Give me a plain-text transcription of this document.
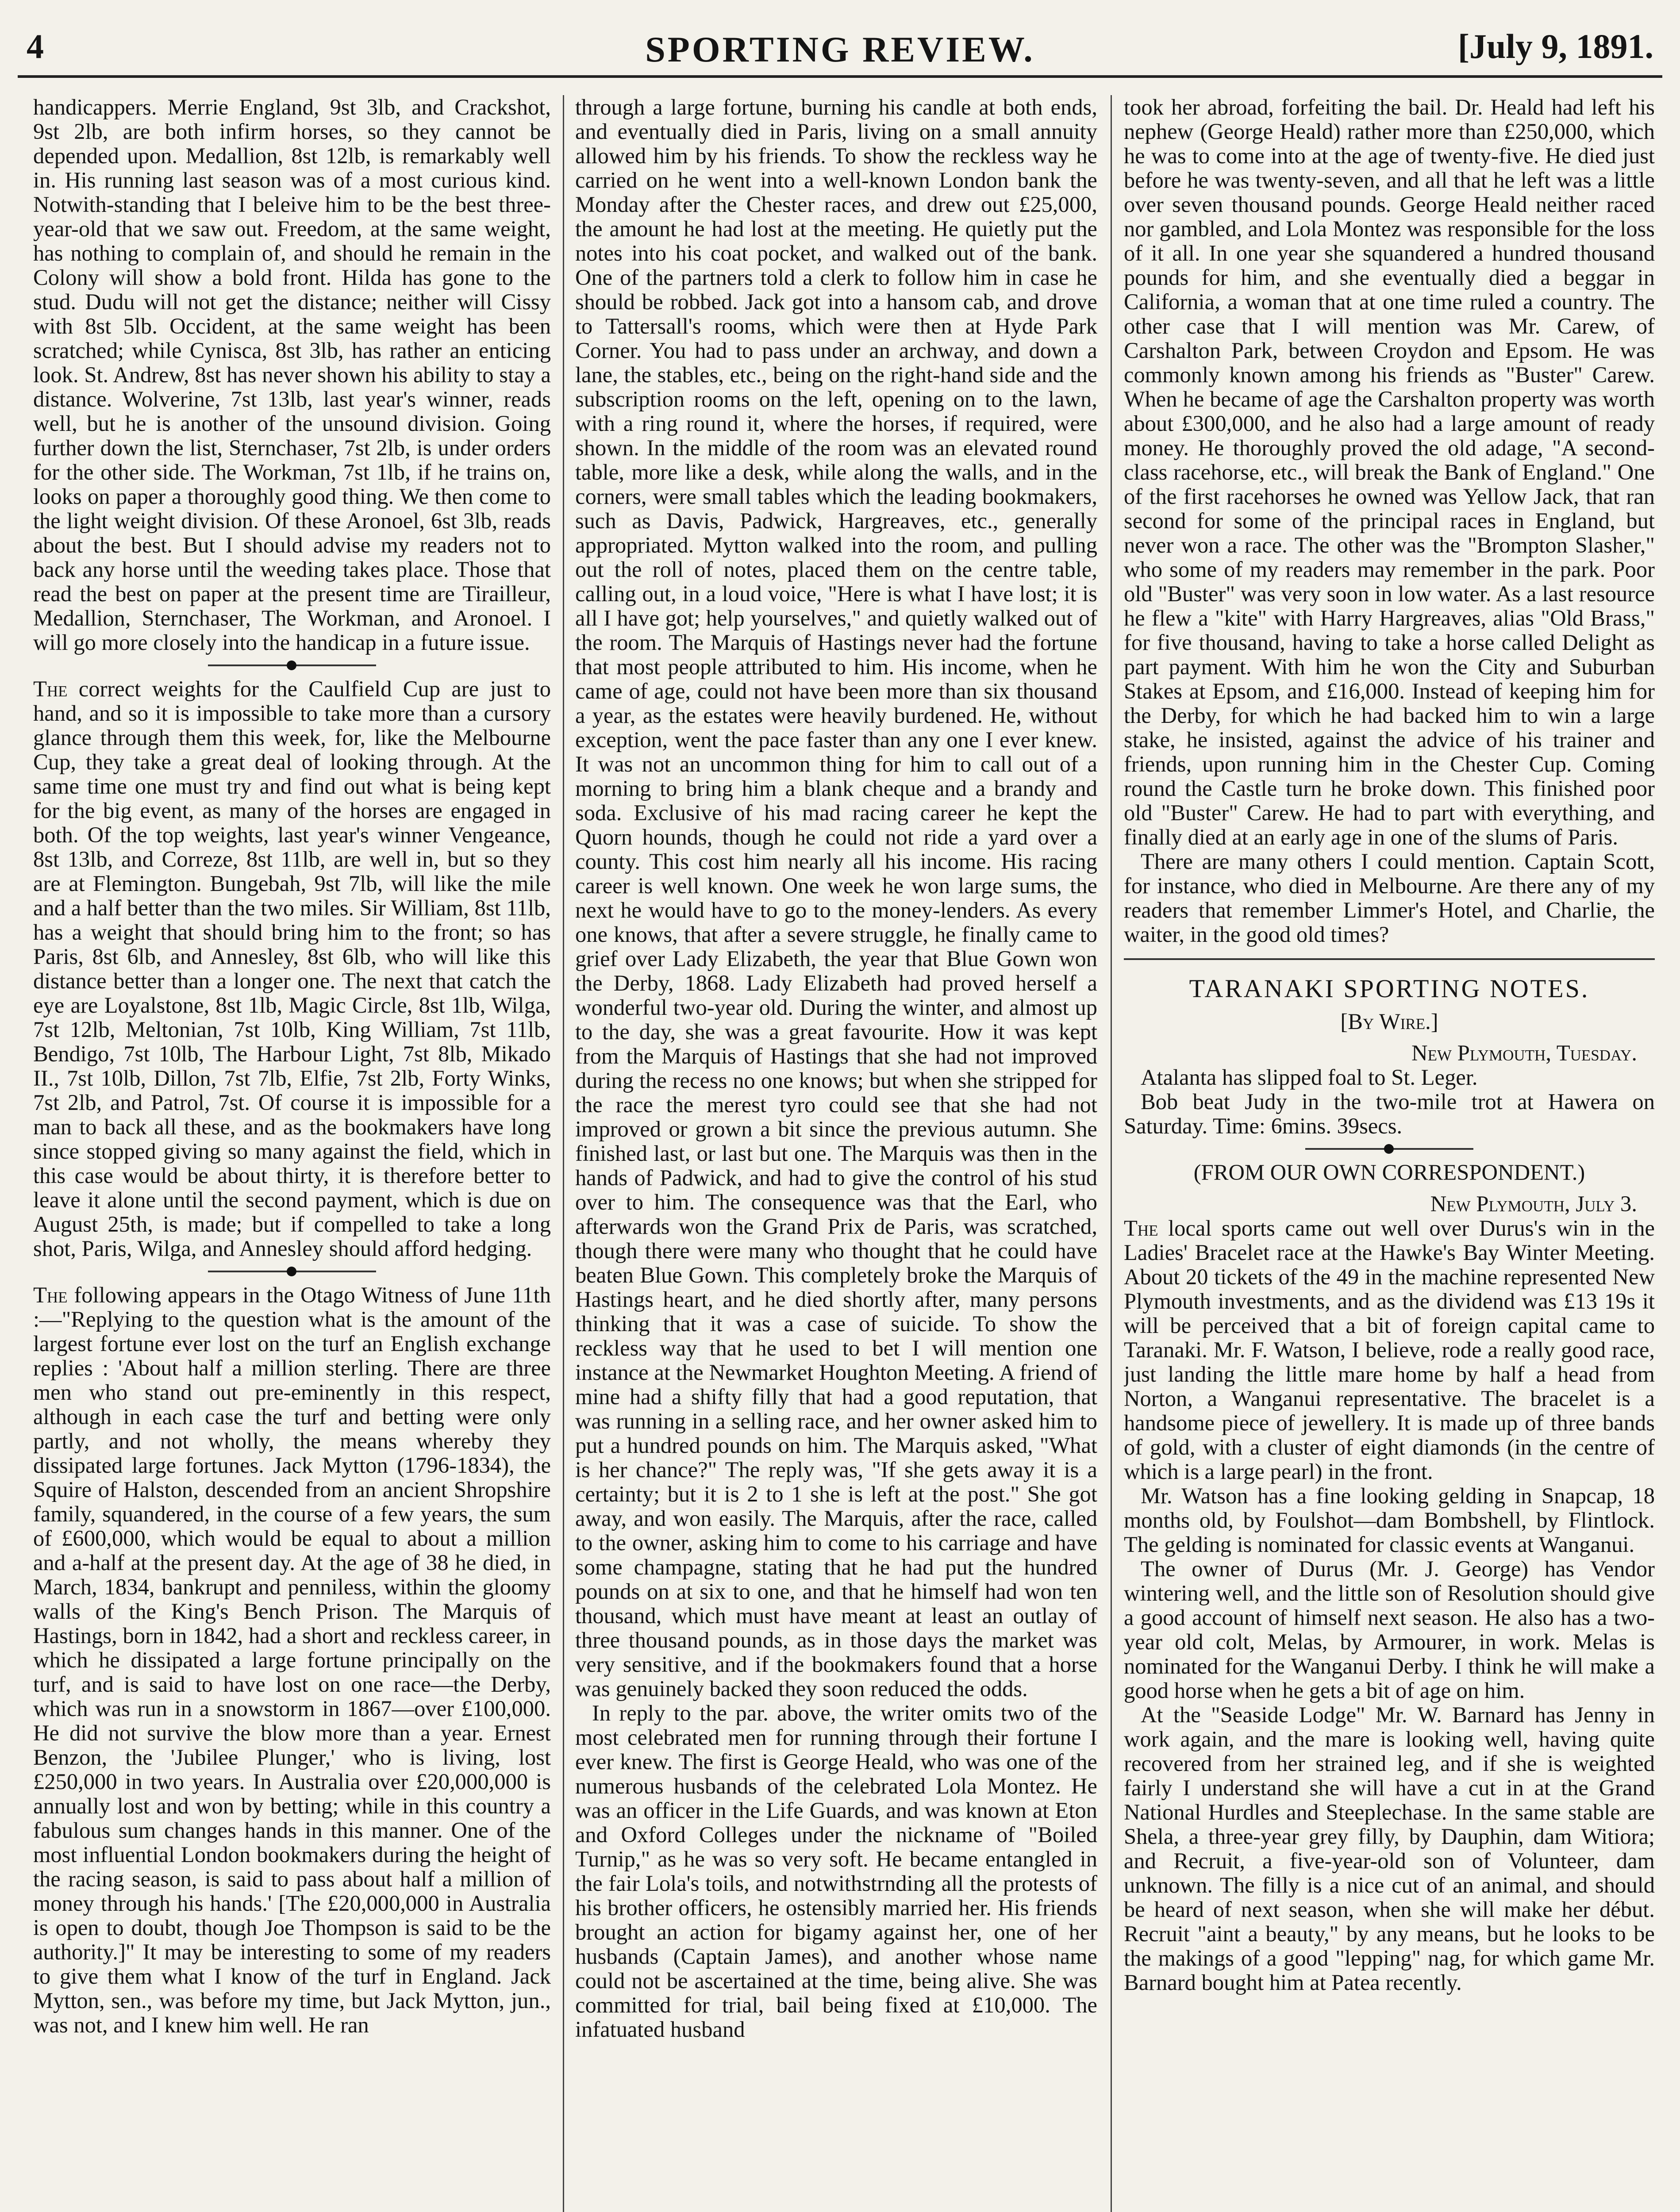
4	SPORTING REVIEW.	[July 9, 1891.

handicappers. Merrie England, 9st 3lb, and Crackshot, 9st 2lb, are both infirm horses, so they cannot be depended upon. Medallion, 8st 12lb, is remarkably well in. His running last season was of a most curious kind. Notwith-standing that I beleive him to be the best three-year-old that we saw out. Freedom, at the same weight, has nothing to complain of, and should he remain in the Colony will show a bold front. Hilda has gone to the stud. Dudu will not get the distance; neither will Cissy with 8st 5lb. Occident, at the same weight has been scratched; while Cynisca, 8st 3lb, has rather an enticing look. St. Andrew, 8st has never shown his ability to stay a distance. Wolverine, 7st 13lb, last year's winner, reads well, but he is another of the unsound division. Going further down the list, Sternchaser, 7st 2lb, is under orders for the other side. The Workman, 7st 1lb, if he trains on, looks on paper a thoroughly good thing. We then come to the light weight division. Of these Aronoel, 6st 3lb, reads about the best. But I should advise my readers not to back any horse until the weeding takes place. Those that read the best on paper at the present time are Tirailleur, Medallion, Sternchaser, The Workman, and Aronoel. I will go more closely into the handicap in a future issue.

The correct weights for the Caulfield Cup are just to hand, and so it is impossible to take more than a cursory glance through them this week, for, like the Melbourne Cup, they take a great deal of looking through. At the same time one must try and find out what is being kept for the big event, as many of the horses are engaged in both. Of the top weights, last year's winner Vengeance, 8st 13lb, and Correze, 8st 11lb, are well in, but so they are at Flemington. Bungebah, 9st 7lb, will like the mile and a half better than the two miles. Sir William, 8st 11lb, has a weight that should bring him to the front; so has Paris, 8st 6lb, and Annesley, 8st 6lb, who will like this distance better than a longer one. The next that catch the eye are Loyalstone, 8st 1lb, Magic Circle, 8st 1lb, Wilga, 7st 12lb, Meltonian, 7st 10lb, King William, 7st 11lb, Bendigo, 7st 10lb, The Harbour Light, 7st 8lb, Mikado II., 7st 10lb, Dillon, 7st 7lb, Elfie, 7st 2lb, Forty Winks, 7st 2lb, and Patrol, 7st. Of course it is impossible for a man to back all these, and as the bookmakers have long since stopped giving so many against the field, which in this case would be about thirty, it is therefore better to leave it alone until the second payment, which is due on August 25th, is made; but if compelled to take a long shot, Paris, Wilga, and Annesley should afford hedging.

The following appears in the Otago Witness of June 11th :—"Replying to the question what is the amount of the largest fortune ever lost on the turf an English exchange replies : 'About half a million sterling. There are three men who stand out pre-eminently in this respect, although in each case the turf and betting were only partly, and not wholly, the means whereby they dissipated large fortunes. Jack Mytton (1796-1834), the Squire of Halston, descended from an ancient Shropshire family, squandered, in the course of a few years, the sum of £600,000, which would be equal to about a million and a-half at the present day. At the age of 38 he died, in March, 1834, bankrupt and penniless, within the gloomy walls of the King's Bench Prison. The Marquis of Hastings, born in 1842, had a short and reckless career, in which he dissipated a large fortune principally on the turf, and is said to have lost on one race—the Derby, which was run in a snowstorm in 1867—over £100,000. He did not survive the blow more than a year. Ernest Benzon, the 'Jubilee Plunger,' who is living, lost £250,000 in two years. In Australia over £20,000,000 is annually lost and won by betting; while in this country a fabulous sum changes hands in this manner. One of the most influential London bookmakers during the height of the racing season, is said to pass about half a million of money through his hands.' [The £20,000,000 in Australia is open to doubt, though Joe Thompson is said to be the authority.]" It may be interesting to some of my readers to give them what I know of the turf in England. Jack Mytton, sen., was before my time, but Jack Mytton, jun., was not, and I knew him well. He ran

through a large fortune, burning his candle at both ends, and eventually died in Paris, living on a small annuity allowed him by his friends. To show the reckless way he carried on he went into a well-known London bank the Monday after the Chester races, and drew out £25,000, the amount he had lost at the meeting. He quietly put the notes into his coat pocket, and walked out of the bank. One of the partners told a clerk to follow him in case he should be robbed. Jack got into a hansom cab, and drove to Tattersall's rooms, which were then at Hyde Park Corner. You had to pass under an archway, and down a lane, the stables, etc., being on the right-hand side and the subscription rooms on the left, opening on to the lawn, with a ring round it, where the horses, if required, were shown. In the middle of the room was an elevated round table, more like a desk, while along the walls, and in the corners, were small tables which the leading bookmakers, such as Davis, Padwick, Hargreaves, etc., generally appropriated. Mytton walked into the room, and pulling out the roll of notes, placed them on the centre table, calling out, in a loud voice, "Here is what I have lost; it is all I have got; help yourselves," and quietly walked out of the room. The Marquis of Hastings never had the fortune that most people attributed to him. His income, when he came of age, could not have been more than six thousand a year, as the estates were heavily burdened. He, without exception, went the pace faster than any one I ever knew. It was not an uncommon thing for him to call out of a morning to bring him a blank cheque and a brandy and soda. Exclusive of his mad racing career he kept the Quorn hounds, though he could not ride a yard over a county. This cost him nearly all his income. His racing career is well known. One week he won large sums, the next he would have to go to the money-lenders. As every one knows, that after a severe struggle, he finally came to grief over Lady Elizabeth, the year that Blue Gown won the Derby, 1868. Lady Elizabeth had proved herself a wonderful two-year old. During the winter, and almost up to the day, she was a great favourite. How it was kept from the Marquis of Hastings that she had not improved during the recess no one knows; but when she stripped for the race the merest tyro could see that she had not improved or grown a bit since the previous autumn. She finished last, or last but one. The Marquis was then in the hands of Padwick, and had to give the control of his stud over to him. The consequence was that the Earl, who afterwards won the Grand Prix de Paris, was scratched, though there were many who thought that he could have beaten Blue Gown. This completely broke the Marquis of Hastings heart, and he died shortly after, many persons thinking that it was a case of suicide. To show the reckless way that he used to bet I will mention one instance at the Newmarket Houghton Meeting. A friend of mine had a shifty filly that had a good reputation, that was running in a selling race, and her owner asked him to put a hundred pounds on him. The Marquis asked, "What is her chance?" The reply was, "If she gets away it is a certainty; but it is 2 to 1 she is left at the post." She got away, and won easily. The Marquis, after the race, called to the owner, asking him to come to his carriage and have some champagne, stating that he had put the hundred pounds on at six to one, and that he himself had won ten thousand, which must have meant at least an outlay of three thousand pounds, as in those days the market was very sensitive, and if the bookmakers found that a horse was genuinely backed they soon reduced the odds.

In reply to the par. above, the writer omits two of the most celebrated men for running through their fortune I ever knew. The first is George Heald, who was one of the numerous husbands of the celebrated Lola Montez. He was an officer in the Life Guards, and was known at Eton and Oxford Colleges under the nickname of "Boiled Turnip," as he was so very soft. He became entangled in the fair Lola's toils, and notwithstrnding all the protests of his brother officers, he ostensibly married her. His friends brought an action for bigamy against her, one of her husbands (Captain James), and another whose name could not be ascertained at the time, being alive. She was committed for trial, bail being fixed at £10,000. The infatuated husband

took her abroad, forfeiting the bail. Dr. Heald had left his nephew (George Heald) rather more than £250,000, which he was to come into at the age of twenty-five. He died just before he was twenty-seven, and all that he left was a little over seven thousand pounds. George Heald neither raced nor gambled, and Lola Montez was responsible for the loss of it all. In one year she squandered a hundred thousand pounds for him, and she eventually died a beggar in California, a woman that at one time ruled a country. The other case that I will mention was Mr. Carew, of Carshalton Park, between Croydon and Epsom. He was commonly known among his friends as "Buster" Carew. When he became of age the Carshalton property was worth about £300,000, and he also had a large amount of ready money. He thoroughly proved the old adage, "A second-class racehorse, etc., will break the Bank of England." One of the first racehorses he owned was Yellow Jack, that ran second for some of the principal races in England, but never won a race. The other was the "Brompton Slasher," who some of my readers may remember in the park. Poor old "Buster" was very soon in low water. As a last resource he flew a "kite" with Harry Hargreaves, alias "Old Brass," for five thousand, having to take a horse called Delight as part payment. With him he won the City and Suburban Stakes at Epsom, and £16,000. Instead of keeping him for the Derby, for which he had backed him to win a large stake, he insisted, against the advice of his trainer and friends, upon running him in the Chester Cup. Coming round the Castle turn he broke down. This finished poor old "Buster" Carew. He had to part with everything, and finally died at an early age in one of the slums of Paris.

There are many others I could mention. Captain Scott, for instance, who died in Melbourne. Are there any of my readers that remember Limmer's Hotel, and Charlie, the waiter, in the good old times?

TARANAKI SPORTING NOTES.
[By Wire.]
New Plymouth, Tuesday.

Atalanta has slipped foal to St. Leger.

Bob beat Judy in the two-mile trot at Hawera on Saturday. Time: 6mins. 39secs.

(FROM OUR OWN CORRESPONDENT.)
New Plymouth, July 3.

The local sports came out well over Durus's win in the Ladies' Bracelet race at the Hawke's Bay Winter Meeting. About 20 tickets of the 49 in the machine represented New Plymouth investments, and as the dividend was £13 19s it will be perceived that a bit of foreign capital came to Taranaki. Mr. F. Watson, I believe, rode a really good race, just landing the little mare home by half a head from Norton, a Wanganui representative. The bracelet is a handsome piece of jewellery. It is made up of three bands of gold, with a cluster of eight diamonds (in the centre of which is a large pearl) in the front.

Mr. Watson has a fine looking gelding in Snapcap, 18 months old, by Foulshot—dam Bombshell, by Flintlock. The gelding is nominated for classic events at Wanganui.

The owner of Durus (Mr. J. George) has Vendor wintering well, and the little son of Resolution should give a good account of himself next season. He also has a two-year old colt, Melas, by Armourer, in work. Melas is nominated for the Wanganui Derby. I think he will make a good horse when he gets a bit of age on him.

At the "Seaside Lodge" Mr. W. Barnard has Jenny in work again, and the mare is looking well, having quite recovered from her strained leg, and if she is weighted fairly I understand she will have a cut in at the Grand National Hurdles and Steeplechase. In the same stable are Shela, a three-year grey filly, by Dauphin, dam Witiora; and Recruit, a five-year-old son of Volunteer, dam unknown. The filly is a nice cut of an animal, and should be heard of next season, when she will make her début. Recruit "aint a beauty," by any means, but he looks to be the makings of a good "lepping" nag, for which game Mr. Barnard bought him at Patea recently.
